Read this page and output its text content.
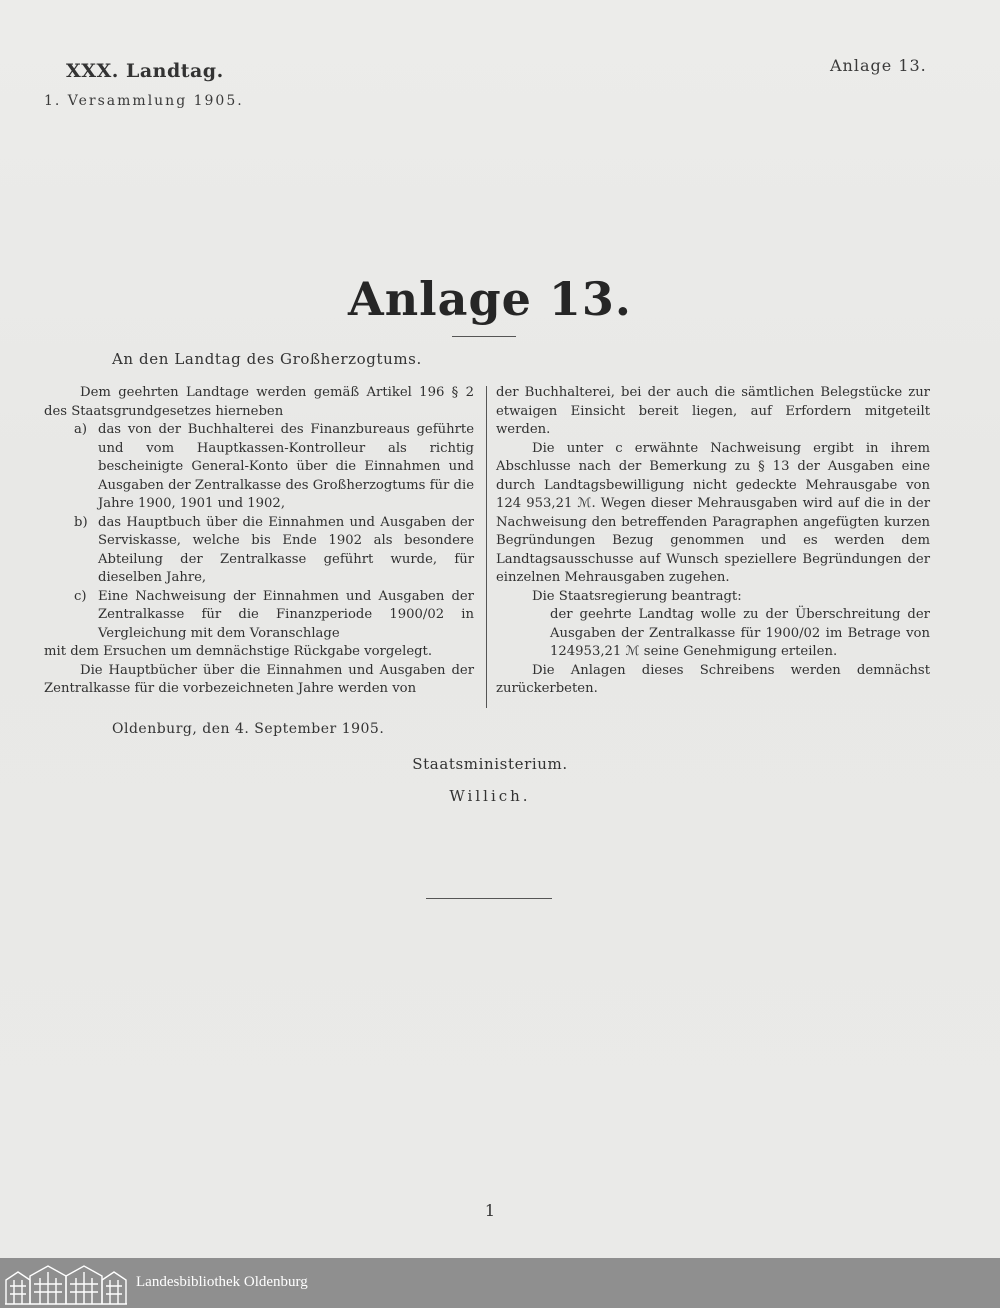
XXX. Landtag.
1. Versammlung 1905.
Anlage 13.
Anlage 13.
An den Landtag des Großherzogtums.

Dem geehrten Landtage werden gemäß Artikel 196 § 2 des Staatsgrundgesetzes hierneben

a) das von der Buchhalterei des Finanzbureaus geführte und vom Hauptkassen-Kontrolleur als richtig bescheinigte General-Konto über die Einnahmen und Ausgaben der Zentralkasse des Großherzogtums für die Jahre 1900, 1901 und 1902,

b) das Hauptbuch über die Einnahmen und Ausgaben der Serviskasse, welche bis Ende 1902 als besondere Abteilung der Zentralkasse geführt wurde, für dieselben Jahre,

c) Eine Nachweisung der Einnahmen und Ausgaben der Zentralkasse für die Finanzperiode 1900/02 in Vergleichung mit dem Voranschlage

mit dem Ersuchen um demnächstige Rückgabe vorgelegt.

Die Hauptbücher über die Einnahmen und Ausgaben der Zentralkasse für die vorbezeichneten Jahre werden von

der Buchhalterei, bei der auch die sämtlichen Belegstücke zur etwaigen Einsicht bereit liegen, auf Erfordern mitgeteilt werden.

Die unter c erwähnte Nachweisung ergibt in ihrem Abschlusse nach der Bemerkung zu § 13 der Ausgaben eine durch Landtagsbewilligung nicht gedeckte Mehrausgabe von 124 953,21 ℳ. Wegen dieser Mehrausgaben wird auf die in der Nachweisung den betreffenden Paragraphen angefügten kurzen Begründungen Bezug genommen und es werden dem Landtagsausschusse auf Wunsch speziellere Begründungen der einzelnen Mehrausgaben zugehen.

Die Staatsregierung beantragt:

der geehrte Landtag wolle zu der Überschreitung der Ausgaben der Zentralkasse für 1900/02 im Betrage von 124953,21 ℳ seine Genehmigung erteilen.

Die Anlagen dieses Schreibens werden demnächst zurückerbeten.

Oldenburg, den 4. September 1905.
Staatsministerium.
Willich.
1
Landesbibliothek Oldenburg
